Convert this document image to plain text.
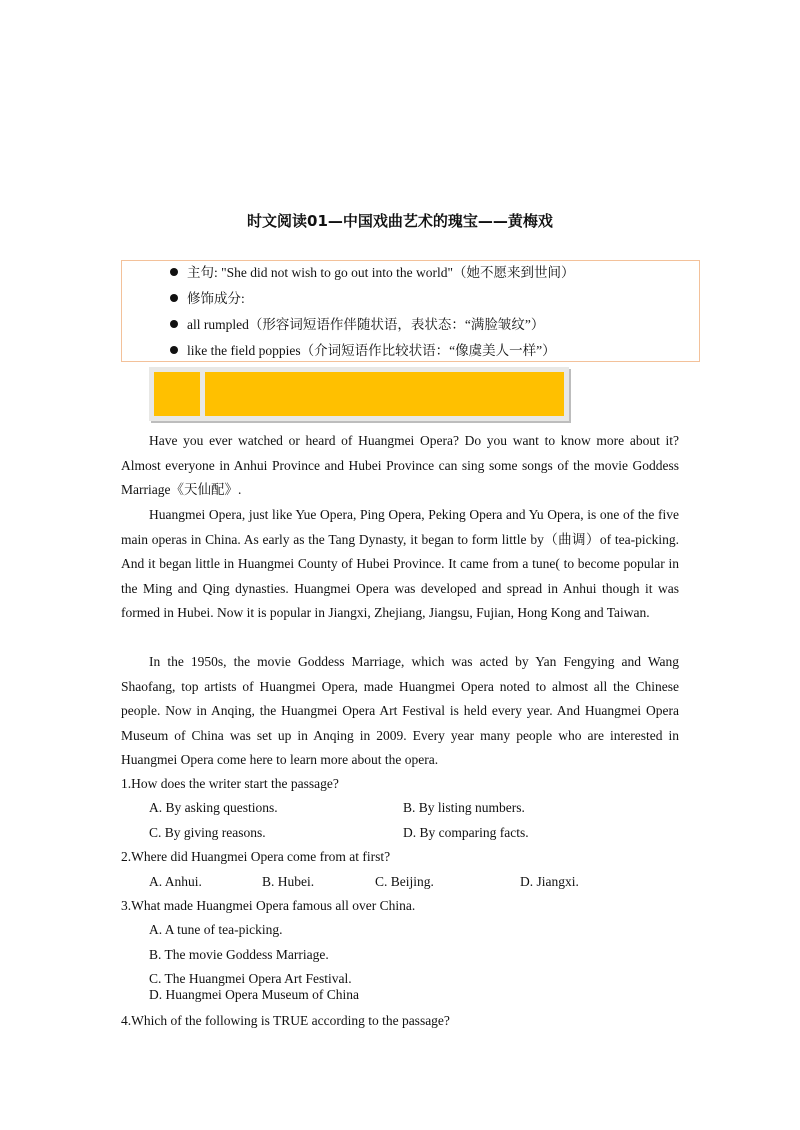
时文阅读01—中国戏曲艺术的瑰宝——黄梅戏
主句: "She did not wish to go out into the world"（她不愿来到世间）
修饰成分:
all rumpled（形容词短语作伴随状语，表状态：“满脸皱纹”）
like the field poppies（介词短语作比较状语：“像虞美人一样”）

Have you ever watched or heard of Huangmei Opera? Do you want to know more about it? Almost everyone in Anhui Province and Hubei Province can sing some songs of the movie Goddess Marriage《天仙配》.

Huangmei Opera, just like Yue Opera, Ping Opera, Peking Opera and Yu Opera, is one of the five main operas in China. As early as the Tang Dynasty, it began to form little by（曲调）of tea-picking. And it began little in Huangmei County of Hubei Province. It came from a tune( to become popular in the Ming and Qing dynasties. Huangmei Opera was developed and spread in Anhui though it was formed in Hubei. Now it is popular in Jiangxi, Zhejiang, Jiangsu, Fujian, Hong Kong and Taiwan.

In the 1950s, the movie Goddess Marriage, which was acted by Yan Fengying and Wang Shaofang, top artists of Huangmei Opera, made Huangmei Opera noted to almost all the Chinese people. Now in Anqing, the Huangmei Opera Art Festival is held every year. And Huangmei Opera Museum of China was set up in Anqing in 2009. Every year many people who are interested in Huangmei Opera come here to learn more about the opera.

1.How does the writer start the passage?
A. By asking questions.	B. By listing numbers.
C. By giving reasons.	D. By comparing facts.
2.Where did Huangmei Opera come from at first?
A. Anhui.	B. Hubei.	C. Beijing.	D. Jiangxi.
3.What made Huangmei Opera famous all over China.
A. A tune of tea-picking.
B. The movie Goddess Marriage.
C. The Huangmei Opera Art Festival.
D. Huangmei Opera Museum of China
4.Which of the following is TRUE according to the passage?
